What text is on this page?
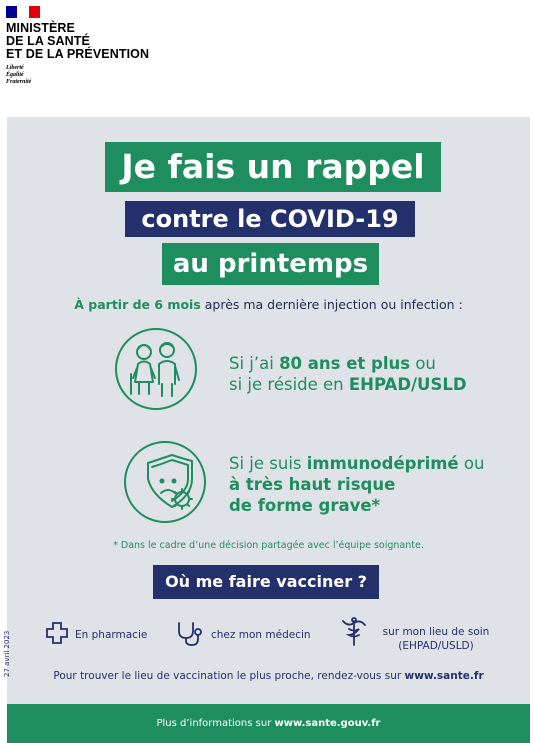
MINISTÈRE
DE LA SANTÉ
ET DE LA PRÉVENTION
Liberté
Égalité
Fraternité
Je fais un rappel
contre le COVID-19
au printemps
À partir de 6 mois après ma dernière injection ou infection :
Si j’ai 80 ans et plus ou
si je réside en EHPAD/USLD
Si je suis immunodéprimé ou
à très haut risque
de forme grave*
* Dans le cadre d’une décision partagée avec l’équipe soignante.
Où me faire vacciner ?
27 avril 2023	En pharmacie	chez mon médecin	sur mon lieu de soin
(EHPAD/USLD)
Pour trouver le lieu de vaccination le plus proche, rendez-vous sur www.sante.fr
Plus d’informations sur www.sante.gouv.fr
